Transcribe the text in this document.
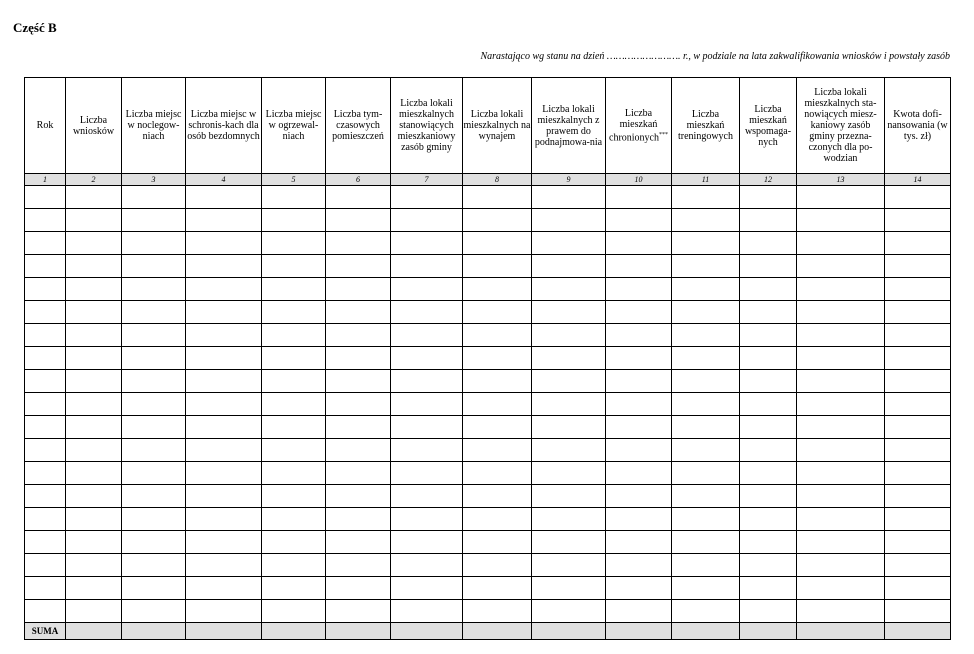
Część B
Narastająco wg stanu na dzień ……………………. r., w podziale na lata zakwalifikowania wniosków i powstały zasób
Rok	Liczba wniosków	Liczba miejsc w noclegow-niach	Liczba miejsc w schronis-kach dla osób bezdomnych	Liczba miejsc w ogrzewal-niach	Liczba tym-czasowych pomieszczeń	Liczba lokali mieszkalnych stanowiących mieszkaniowy zasób gminy	Liczba lokali mieszkalnych na wynajem	Liczba lokali mieszkalnych z prawem do podnajmowa-nia	Liczba mieszkań chronionych***	Liczba mieszkań treningowych	Liczba mieszkań wspomaga-nych	Liczba lokali mieszkalnych sta-nowiących miesz-kaniowy zasób gminy przezna-czonych dla po-wodzian	Kwota dofi-nansowania (w tys. zł)
1	2	3	4	5	6	7	8	9	10	11	12	13	14

SUMA													
